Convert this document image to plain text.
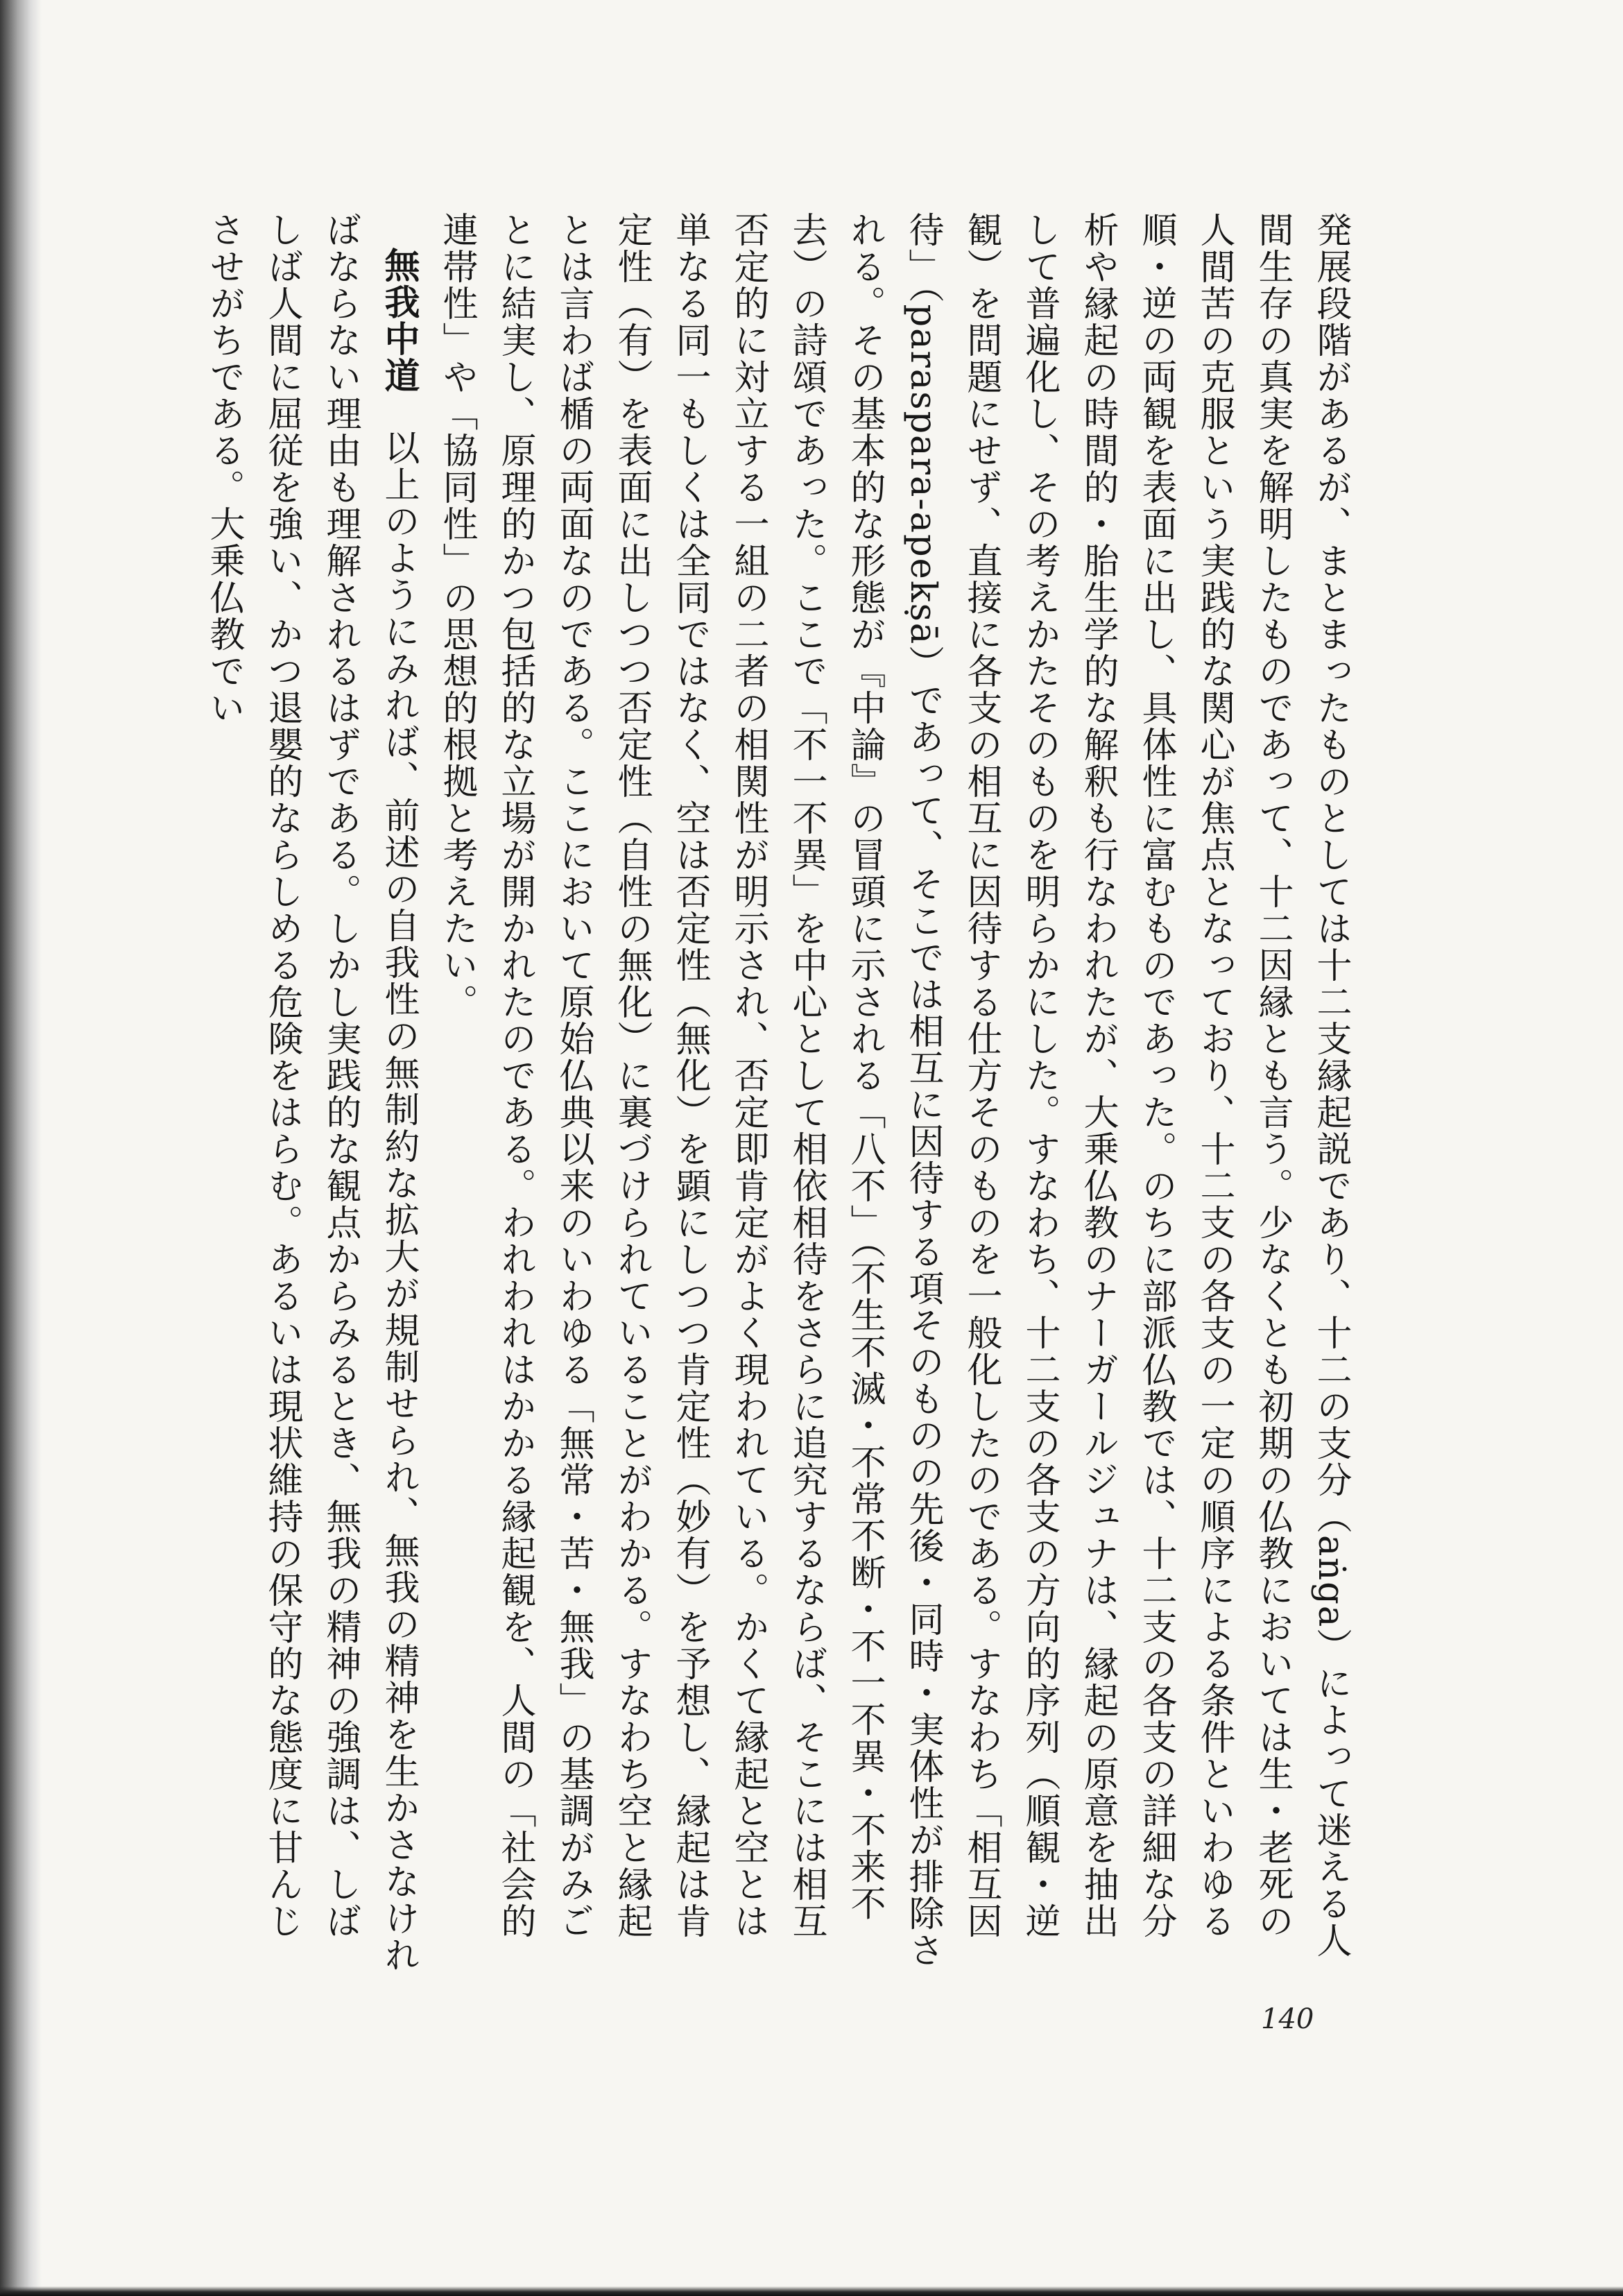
発展段階があるが、まとまったものとしては十二支縁起説であり、十二の支分（aṅga）によって迷える人間生存の真実を解明したものであって、十二因縁とも言う。少なくとも初期の仏教においては生・老死の人間苦の克服という実践的な関心が焦点となっており、十二支の各支の一定の順序による条件といわゆる順・逆の両観を表面に出し、具体性に富むものであった。のちに部派仏教では、十二支の各支の詳細な分析や縁起の時間的・胎生学的な解釈も行なわれたが、大乗仏教のナーガールジュナは、縁起の原意を抽出して普遍化し、その考えかたそのものを明らかにした。すなわち、十二支の各支の方向的序列（順観・逆観）を問題にせず、直接に各支の相互に因待する仕方そのものを一般化したのである。すなわち「相互因待」（paraspara-apekṣā）であって、そこでは相互に因待する項そのものの先後・同時・実体性が排除される。その基本的な形態が『中論』の冒頭に示される「八不」（不生不滅・不常不断・不一不異・不来不去）の詩頌であった。ここで「不一不異」を中心として相依相待をさらに追究するならば、そこには相互否定的に対立する一組の二者の相関性が明示され、否定即肯定がよく現われている。かくて縁起と空とは単なる同一もしくは全同ではなく、空は否定性（無化）を顕にしつつ肯定性（妙有）を予想し、縁起は肯定性（有）を表面に出しつつ否定性（自性の無化）に裏づけられていることがわかる。すなわち空と縁起とは言わば楯の両面なのである。ここにおいて原始仏典以来のいわゆる「無常・苦・無我」の基調がみごとに結実し、原理的かつ包括的な立場が開かれたのである。われわれはかかる縁起観を、人間の「社会的連帯性」や「協同性」の思想的根拠と考えたい。

無我中道以上のようにみれば、前述の自我性の無制約な拡大が規制せられ、無我の精神を生かさなければならない理由も理解されるはずである。しかし実践的な観点からみるとき、無我の精神の強調は、しばしば人間に屈従を強い、かつ退嬰的ならしめる危険をはらむ。あるいは現状維持の保守的な態度に甘んじさせがちである。大乗仏教でい

140
